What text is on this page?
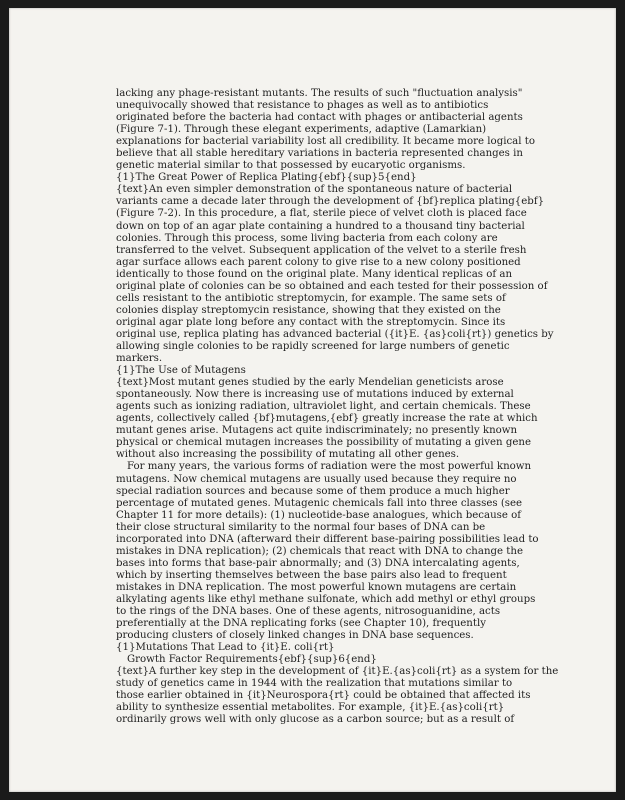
lacking any phage-resistant mutants. The results of such "fluctuation analysis"

unequivocally showed that resistance to phages as well as to antibiotics

originated before the bacteria had contact with phages or antibacterial agents

(Figure 7-1). Through these elegant experiments, adaptive (Lamarkian)

explanations for bacterial variability lost all credibility. It became more logical to

believe that all stable hereditary variations in bacteria represented changes in

genetic material similar to that possessed by eucaryotic organisms.

{1}The Great Power of Replica Plating{ebf}{sup}5{end}

{text}An even simpler demonstration of the spontaneous nature of bacterial

variants came a decade later through the development of {bf}replica plating{ebf}

(Figure 7-2). In this procedure, a flat, sterile piece of velvet cloth is placed face

down on top of an agar plate containing a hundred to a thousand tiny bacterial

colonies. Through this process, some living bacteria from each colony are

transferred to the velvet. Subsequent application of the velvet to a sterile fresh

agar surface allows each parent colony to give rise to a new colony positioned

identically to those found on the original plate. Many identical replicas of an

original plate of colonies can be so obtained and each tested for their possession of

cells resistant to the antibiotic streptomycin, for example. The same sets of

colonies display streptomycin resistance, showing that they existed on the

original agar plate long before any contact with the streptomycin. Since its

original use, replica plating has advanced bacterial ({it}E. {as}coli{rt}) genetics by

allowing single colonies to be rapidly screened for large numbers of genetic

markers.

{1}The Use of Mutagens

{text}Most mutant genes studied by the early Mendelian geneticists arose

spontaneously. Now there is increasing use of mutations induced by external

agents such as ionizing radiation, ultraviolet light, and certain chemicals. These

agents, collectively called {bf}mutagens,{ebf} greatly increase the rate at which

mutant genes arise. Mutagens act quite indiscriminately; no presently known

physical or chemical mutagen increases the possibility of mutating a given gene

without also increasing the possibility of mutating all other genes.

For many years, the various forms of radiation were the most powerful known

mutagens. Now chemical mutagens are usually used because they require no

special radiation sources and because some of them produce a much higher

percentage of mutated genes. Mutagenic chemicals fall into three classes (see

Chapter 11 for more details): (1) nucleotide-base analogues, which because of

their close structural similarity to the normal four bases of DNA can be

incorporated into DNA (afterward their different base-pairing possibilities lead to

mistakes in DNA replication); (2) chemicals that react with DNA to change the

bases into forms that base-pair abnormally; and (3) DNA intercalating agents,

which by inserting themselves between the base pairs also lead to frequent

mistakes in DNA replication. The most powerful known mutagens are certain

alkylating agents like ethyl methane sulfonate, which add methyl or ethyl groups

to the rings of the DNA bases. One of these agents, nitrosoguanidine, acts

preferentially at the DNA replicating forks (see Chapter 10), frequently

producing clusters of closely linked changes in DNA base sequences.

{1}Mutations That Lead to {it}E. coli{rt}

Growth Factor Requirements{ebf}{sup}6{end}

{text}A further key step in the development of {it}E.{as}coli{rt} as a system for the

study of genetics came in 1944 with the realization that mutations similar to

those earlier obtained in {it}Neurospora{rt} could be obtained that affected its

ability to synthesize essential metabolites. For example, {it}E.{as}coli{rt}

ordinarily grows well with only glucose as a carbon source; but as a result of
